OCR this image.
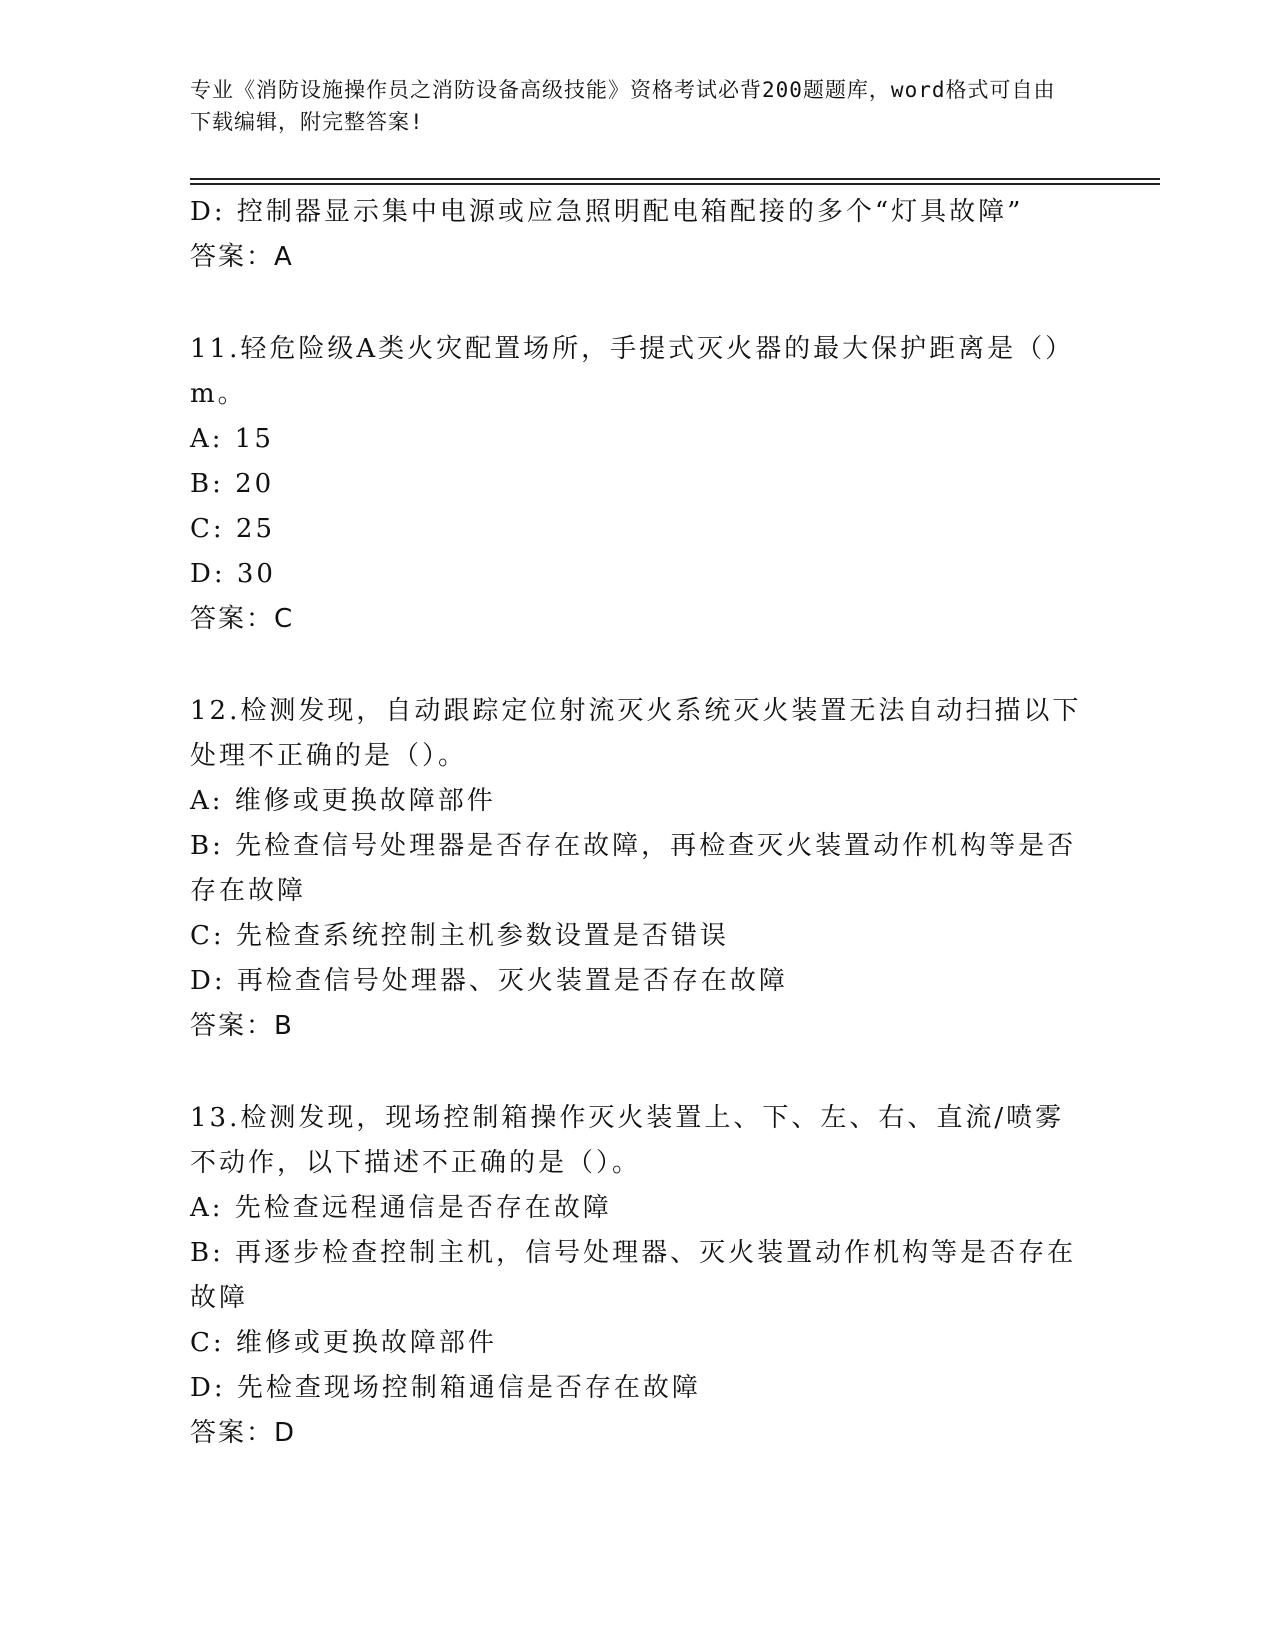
专业《消防设施操作员之消防设备高级技能》资格考试必背200题题库，word格式可自由下载编辑，附完整答案!
D: 控制器显示集中电源或应急照明配电箱配接的多个“灯具故障”
答案：A
11.轻危险级A类火灾配置场所，手提式灭火器的最大保护距离是（）
m。
A: 15
B: 20
C: 25
D: 30
答案：C
12.检测发现，自动跟踪定位射流灭火系统灭火装置无法自动扫描以下
处理不正确的是（）。
A: 维修或更换故障部件
B: 先检查信号处理器是否存在故障，再检查灭火装置动作机构等是否
存在故障
C: 先检查系统控制主机参数设置是否错误
D: 再检查信号处理器、灭火装置是否存在故障
答案：B
13.检测发现，现场控制箱操作灭火装置上、下、左、右、直流/喷雾
不动作，以下描述不正确的是（）。
A: 先检查远程通信是否存在故障
B: 再逐步检查控制主机，信号处理器、灭火装置动作机构等是否存在
故障
C: 维修或更换故障部件
D: 先检查现场控制箱通信是否存在故障
答案：D
